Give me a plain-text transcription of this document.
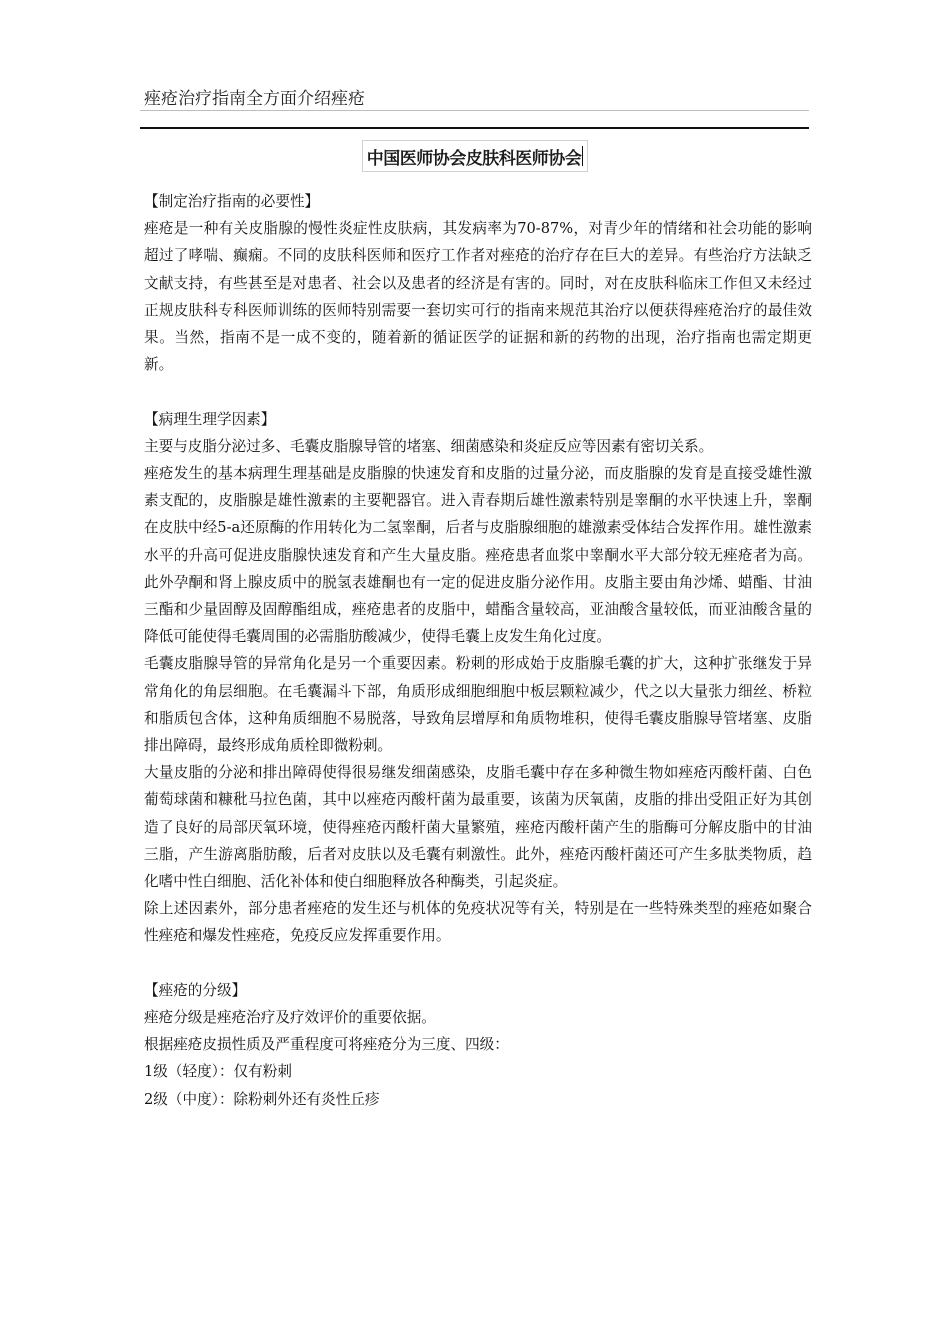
痤疮治疗指南全方面介绍痤疮
中国医师协会皮肤科医师协会

【制定治疗指南的必要性】

痤疮是一种有关皮脂腺的慢性炎症性皮肤病，其发病率为70-87%，对青少年的情绪和社会功能的影响超过了哮喘、癫痫。不同的皮肤科医师和医疗工作者对痤疮的治疗存在巨大的差异。有些治疗方法缺乏文献支持，有些甚至是对患者、社会以及患者的经济是有害的。同时，对在皮肤科临床工作但又未经过正规皮肤科专科医师训练的医师特别需要一套切实可行的指南来规范其治疗以便获得痤疮治疗的最佳效果。当然，指南不是一成不变的，随着新的循证医学的证据和新的药物的出现，治疗指南也需定期更新。

【病理生理学因素】

主要与皮脂分泌过多、毛囊皮脂腺导管的堵塞、细菌感染和炎症反应等因素有密切关系。

痤疮发生的基本病理生理基础是皮脂腺的快速发育和皮脂的过量分泌，而皮脂腺的发育是直接受雄性激素支配的，皮脂腺是雄性激素的主要靶器官。进入青春期后雄性激素特别是睾酮的水平快速上升，睾酮在皮肤中经5-a还原酶的作用转化为二氢睾酮，后者与皮脂腺细胞的雄激素受体结合发挥作用。雄性激素水平的升高可促进皮脂腺快速发育和产生大量皮脂。痤疮患者血浆中睾酮水平大部分较无痤疮者为高。此外孕酮和肾上腺皮质中的脱氢表雄酮也有一定的促进皮脂分泌作用。皮脂主要由角沙烯、蜡酯、甘油三酯和少量固醇及固醇酯组成，痤疮患者的皮脂中，蜡酯含量较高，亚油酸含量较低，而亚油酸含量的降低可能使得毛囊周围的必需脂肪酸减少，使得毛囊上皮发生角化过度。

毛囊皮脂腺导管的异常角化是另一个重要因素。粉刺的形成始于皮脂腺毛囊的扩大，这种扩张继发于异常角化的角层细胞。在毛囊漏斗下部，角质形成细胞细胞中板层颗粒减少，代之以大量张力细丝、桥粒和脂质包含体，这种角质细胞不易脱落，导致角层增厚和角质物堆积，使得毛囊皮脂腺导管堵塞、皮脂排出障碍，最终形成角质栓即微粉刺。

大量皮脂的分泌和排出障碍使得很易继发细菌感染，皮脂毛囊中存在多种微生物如痤疮丙酸杆菌、白色葡萄球菌和糠秕马拉色菌，其中以痤疮丙酸杆菌为最重要，该菌为厌氧菌，皮脂的排出受阻正好为其创造了良好的局部厌氧环境，使得痤疮丙酸杆菌大量繁殖，痤疮丙酸杆菌产生的脂酶可分解皮脂中的甘油三脂，产生游离脂肪酸，后者对皮肤以及毛囊有刺激性。此外，痤疮丙酸杆菌还可产生多肽类物质，趋化嗜中性白细胞、活化补体和使白细胞释放各种酶类，引起炎症。

除上述因素外，部分患者痤疮的发生还与机体的免疫状况等有关，特别是在一些特殊类型的痤疮如聚合性痤疮和爆发性痤疮，免疫反应发挥重要作用。

【痤疮的分级】

痤疮分级是痤疮治疗及疗效评价的重要依据。

根据痤疮皮损性质及严重程度可将痤疮分为三度、四级：

1级（轻度）：仅有粉刺

2级（中度）：除粉刺外还有炎性丘疹
